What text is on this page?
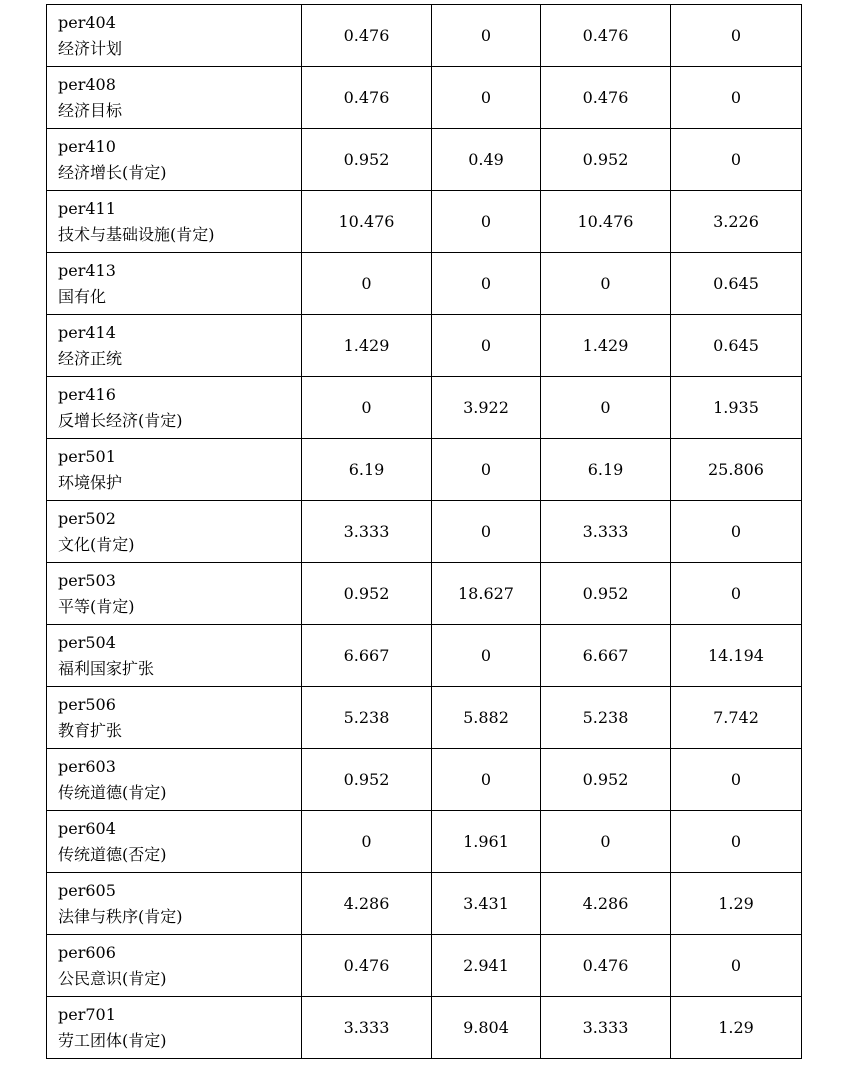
per404
经济计划	0.476	0	0.476	0

per408
经济目标	0.476	0	0.476	0

per410
经济增长(肯定)	0.952	0.49	0.952	0

per411
技术与基础设施(肯定)	10.476	0	10.476	3.226

per413
国有化	0	0	0	0.645

per414
经济正统	1.429	0	1.429	0.645

per416
反增长经济(肯定)	0	3.922	0	1.935

per501
环境保护	6.19	0	6.19	25.806

per502
文化(肯定)	3.333	0	3.333	0

per503
平等(肯定)	0.952	18.627	0.952	0

per504
福利国家扩张	6.667	0	6.667	14.194

per506
教育扩张	5.238	5.882	5.238	7.742

per603
传统道德(肯定)	0.952	0	0.952	0

per604
传统道德(否定)	0	1.961	0	0

per605
法律与秩序(肯定)	4.286	3.431	4.286	1.29

per606
公民意识(肯定)	0.476	2.941	0.476	0

per701
劳工团体(肯定)	3.333	9.804	3.333	1.29
